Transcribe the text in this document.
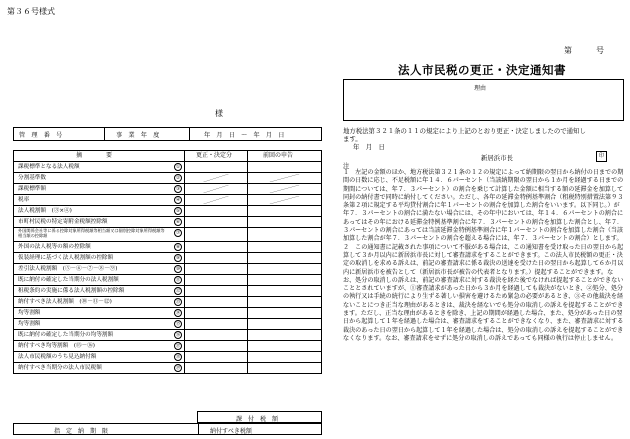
第３６号様式
第　　　号
法人市民税の更正・決定通知書
理由
様
管　理　番　号	事　業　年　度	年　月　日　～　年　月　日
摘　　　　要	更正・決定分	前回の申告
課税標準となる法人税額	①
分割基準数	②
課税標準額	③
税率	④
法人税割額　(③×④)	⑤
市町村民税の特定寄附金税額控除額	⑥
外国関係会社等に係る控除対象所得税額等相当額又は個別控除対象所得税額等相当額の控除額	⑦
外国の法人税等の額の控除額	⑧
仮装経理に基づく法人税割額の控除額	⑨
差引法人税割額　(⑤－⑥－⑦－⑧－⑨)	⑩
既に納付の確定した当期分の法人税割額	⑪
租税条約の実施に係る法人税割額の控除額	⑫
納付すべき法人税割額　(⑩－⑪－⑫)	⑬
均等割額	⑭
均等割額	⑮
既に納付の確定した当期分の均等割額	⑯
納付すべき均等割額　(⑮－⑯)	⑰
法人市民税額のうち見込納付額	⑱
納付すべき当期分の法人市民税額	⑲
課　付　税　額
指　定　納　期　限	納付すべき税額
地方税法第３２１条の１１の規定により上記のとおり更正・決定しましたので通知し
ます。
年　月　日
新居浜市長	印
注

１　左記の金額のほか、地方税法第３２１条の１２の規定によって納期限の翌日から納付の日までの期間の日数に応じ、不足税額に年１４．６パーセント（当該納期限の翌日から１か月を経過する日までの期間については、年７．３パーセント）の割合を乗じて計算した金額に相当する額の延滞金を加算して同封の納付書で同時に納付してください。ただし、各年の延滞金特例基準割合（租税特別措置法第９３条第２項に規定する平均貸付割合に年１パーセントの割合を加算した割合をいいます。以下同じ。）が年７．３パーセントの割合に満たない場合には、その年中においては、年１４．６パーセントの割合にあってはその年における延滞金特例基準割合に年７．３パーセントの割合を加算した割合とし、年７．３パーセントの割合にあっては当該延滞金特例基準割合に年１パーセントの割合を加算した割合（当該加算した割合が年７．３パーセントの割合を超える場合には、年７．３パーセントの割合）とします。

２　この通知書に記載された事項について不服がある場合は、この通知書を受け取った日の翌日から起算して３か月以内に新居浜市長に対して審査請求をすることができます。この法人市民税額の更正・決定の取消しを求める訴えは、前記の審査請求に係る裁決の送達を受けた日の翌日から起算して６か月以内に新居浜市を被告として（新居浜市長が被告の代表者となります。）提起することができます。なお、処分の取消しの訴えは、前記の審査請求に対する裁決を経た後でなければ提起することができないこととされていますが、①審査請求があった日から３か月を経過しても裁決がないとき、②処分、処分の執行又は手続の続行により生ずる著しい損害を避けるため緊急の必要があるとき、③その他裁決を経ないことにつき正当な理由があるときは、裁決を経ないでも処分の取消しの訴えを提起することができます。ただし、正当な理由があるときを除き、上記の期間が経過した場合、また、処分があった日の翌日から起算して１年を経過した場合は、審査請求をすることができなくなり、また、審査請求に対する裁決のあった日の翌日から起算して１年を経過した場合は、処分の取消しの訴えを提起することができなくなります。なお、審査請求をせずに処分の取消しの訴えであっても同様の執行は停止しません。
